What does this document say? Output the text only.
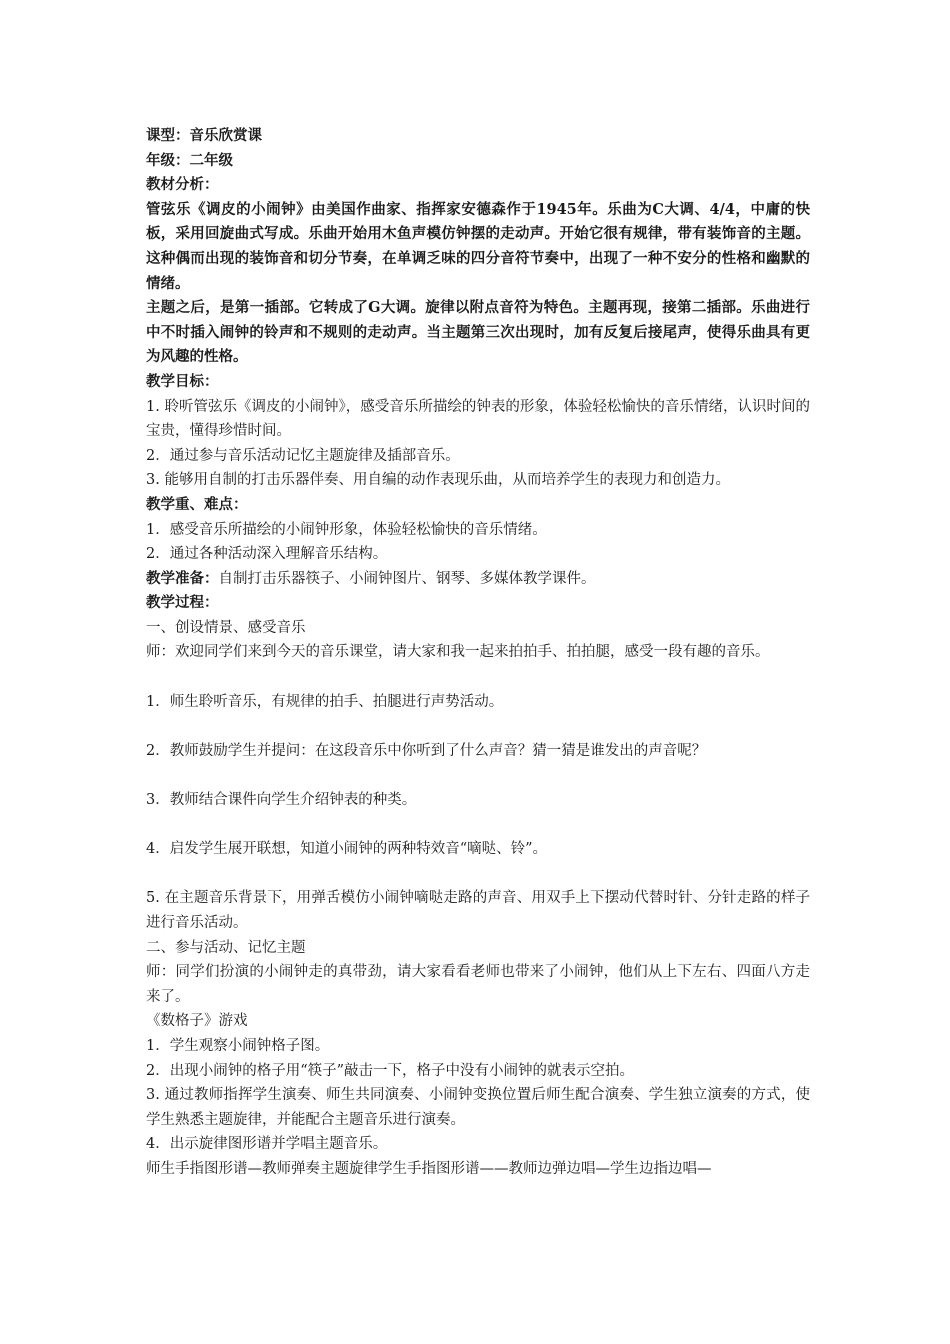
课型：音乐欣赏课

年级：二年级

教材分析：

管弦乐《调皮的小闹钟》由美国作曲家、指挥家安德森作于1945年。乐曲为C大调、4/4，中庸的快板，采用回旋曲式写成。乐曲开始用木鱼声模仿钟摆的走动声。开始它很有规律，带有装饰音的主题。这种偶而出现的装饰音和切分节奏，在单调乏味的四分音符节奏中，出现了一种不安分的性格和幽默的情绪。

主题之后，是第一插部。它转成了G大调。旋律以附点音符为特色。主题再现，接第二插部。乐曲进行中不时插入闹钟的铃声和不规则的走动声。当主题第三次出现时，加有反复后接尾声，使得乐曲具有更为风趣的性格。

教学目标：

1. 聆听管弦乐《调皮的小闹钟》，感受音乐所描绘的钟表的形象，体验轻松愉快的音乐情绪，认识时间的宝贵，懂得珍惜时间。

2．通过参与音乐活动记忆主题旋律及插部音乐。

3. 能够用自制的打击乐器伴奏、用自编的动作表现乐曲，从而培养学生的表现力和创造力。

教学重、难点：

1．感受音乐所描绘的小闹钟形象，体验轻松愉快的音乐情绪。

2．通过各种活动深入理解音乐结构。

教学准备：自制打击乐器筷子、小闹钟图片、钢琴、多媒体教学课件。

教学过程：

一、创设情景、感受音乐

师：欢迎同学们来到今天的音乐课堂，请大家和我一起来拍拍手、拍拍腿，感受一段有趣的音乐。

1．师生聆听音乐，有规律的拍手、拍腿进行声势活动。

2．教师鼓励学生并提问：在这段音乐中你听到了什么声音？猜一猜是谁发出的声音呢？

3．教师结合课件向学生介绍钟表的种类。

4．启发学生展开联想，知道小闹钟的两种特效音“嘀哒、铃”。

5. 在主题音乐背景下，用弹舌模仿小闹钟嘀哒走路的声音、用双手上下摆动代替时针、分针走路的样子进行音乐活动。

二、参与活动、记忆主题

师：同学们扮演的小闹钟走的真带劲，请大家看看老师也带来了小闹钟，他们从上下左右、四面八方走来了。

《数格子》游戏

1．学生观察小闹钟格子图。

2．出现小闹钟的格子用“筷子”敲击一下，格子中没有小闹钟的就表示空拍。

3. 通过教师指挥学生演奏、师生共同演奏、小闹钟变换位置后师生配合演奏、学生独立演奏的方式，使学生熟悉主题旋律，并能配合主题音乐进行演奏。

4．出示旋律图形谱并学唱主题音乐。

师生手指图形谱—教师弹奏主题旋律学生手指图形谱——教师边弹边唱—学生边指边唱—
